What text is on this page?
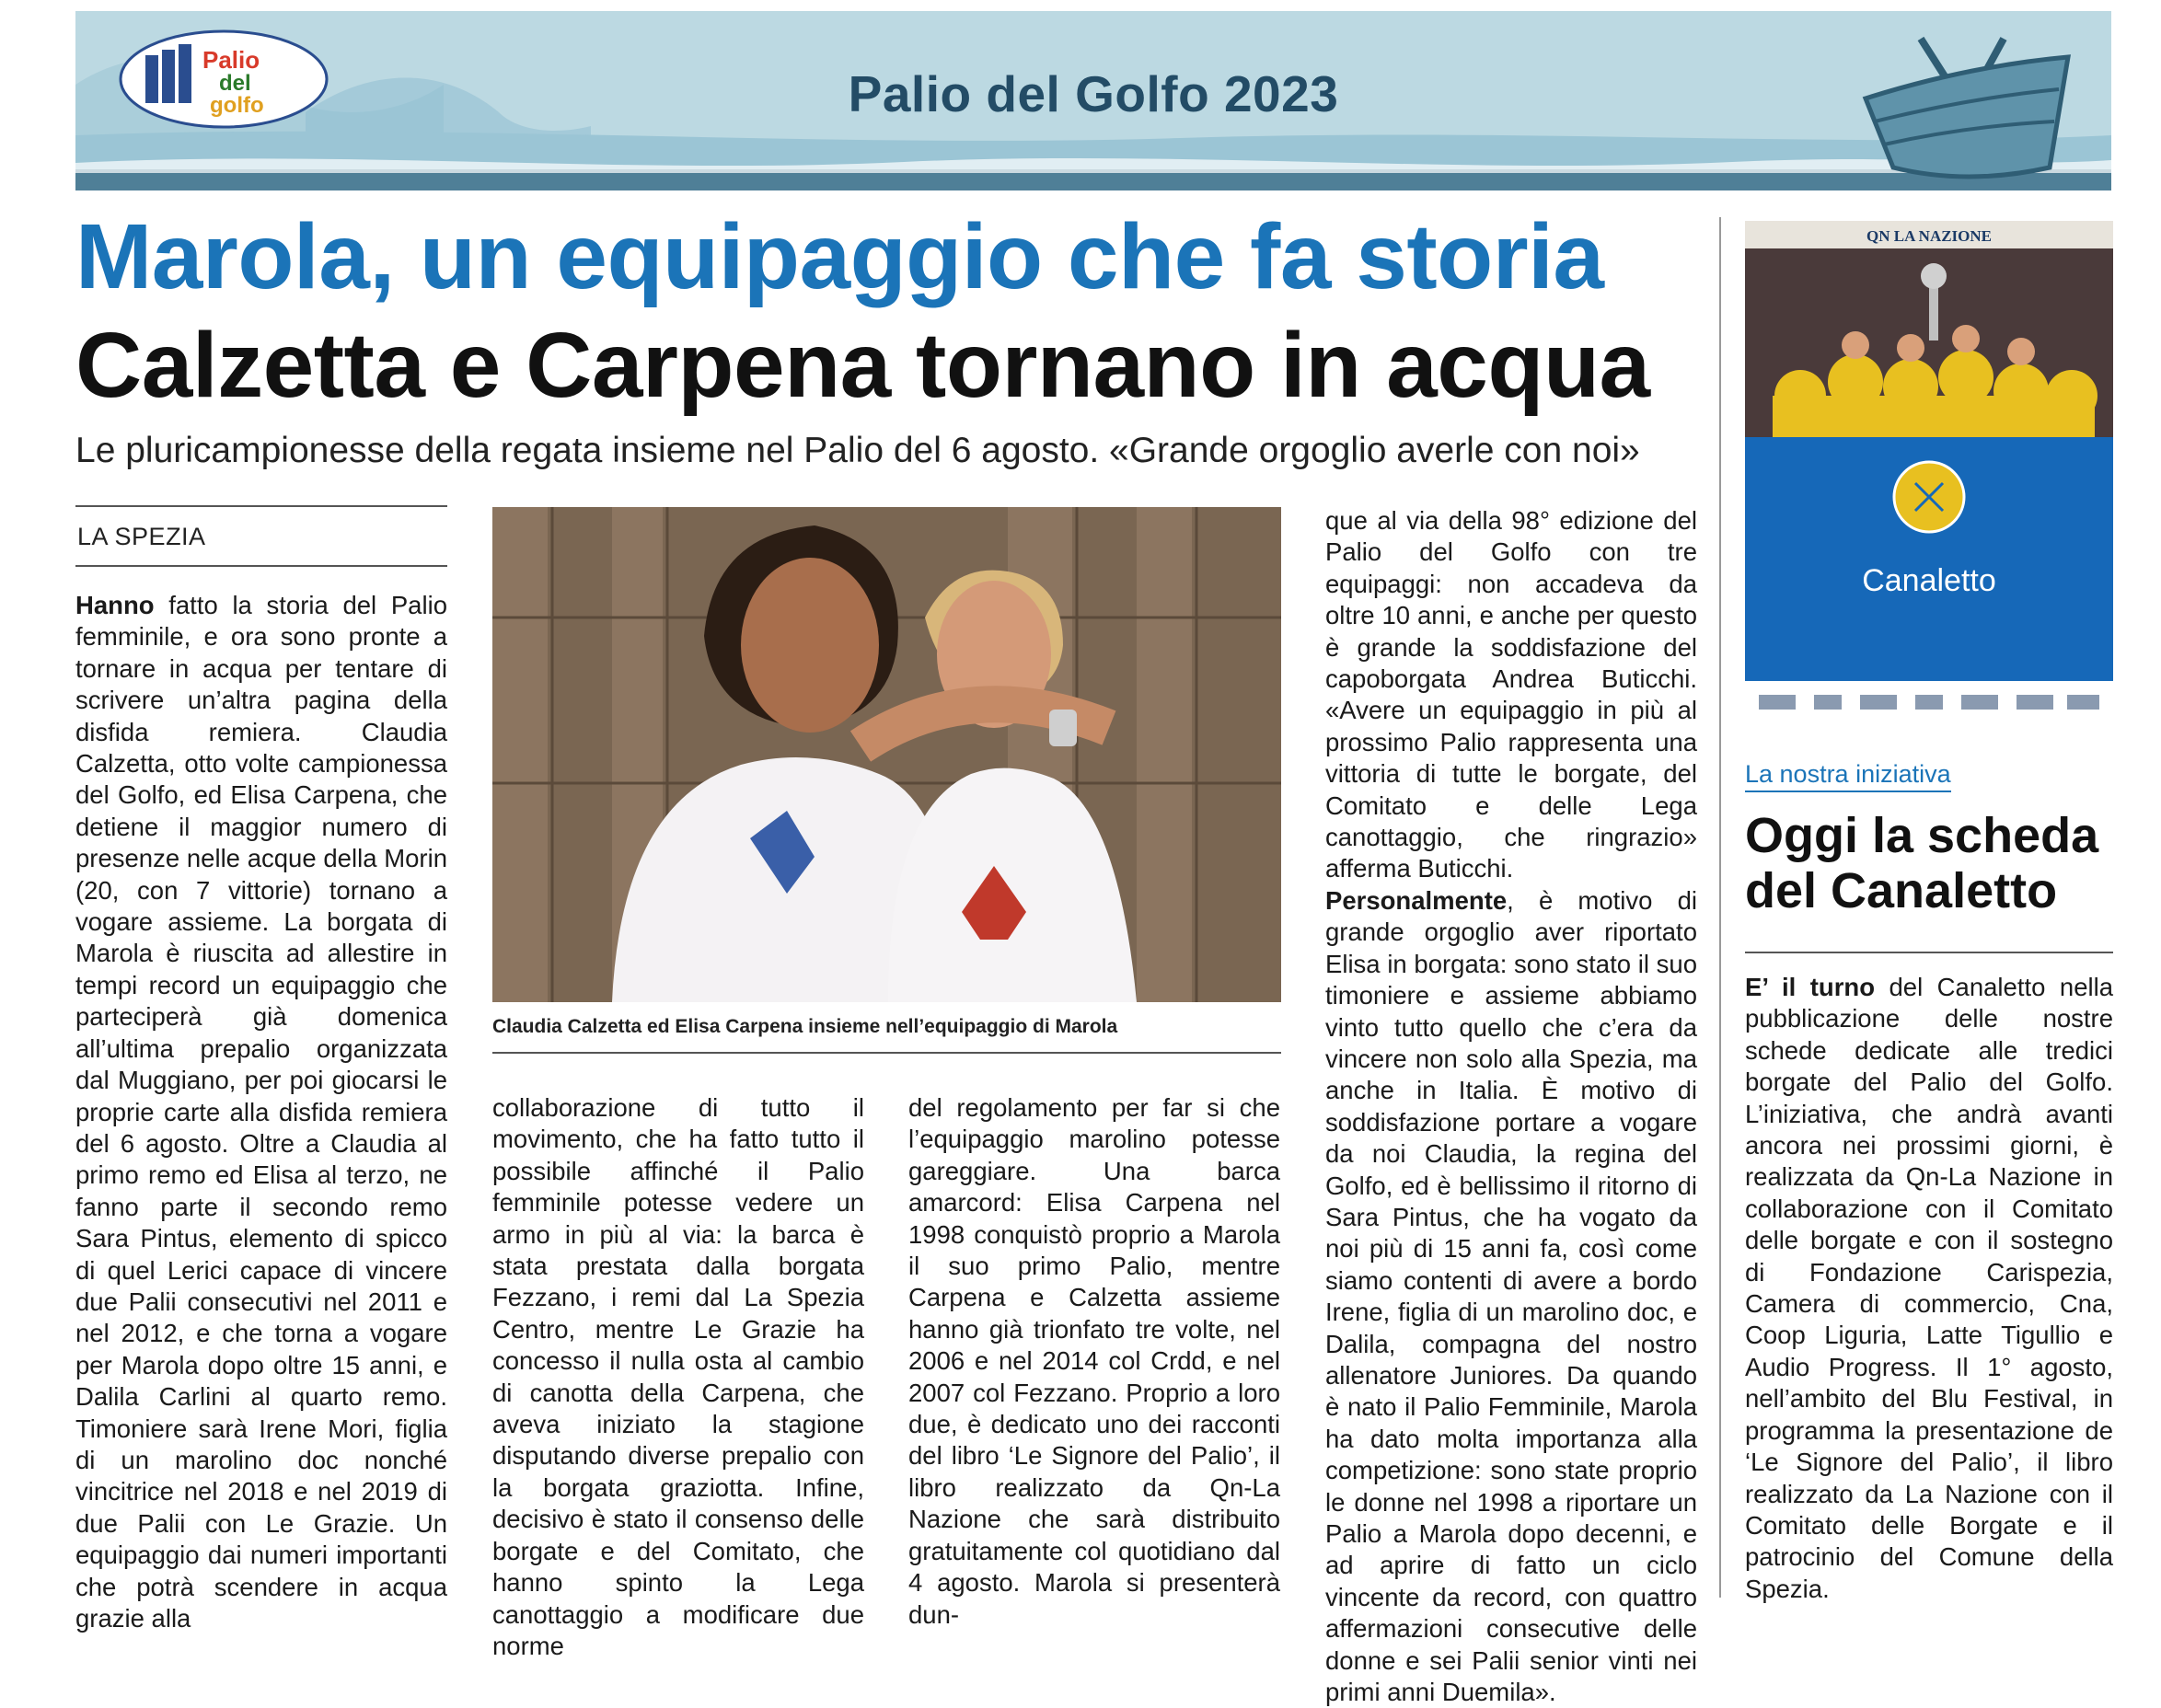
Palio
del
golfo	Palio del Golfo 2023
Marola, un equipaggio che fa storia
Calzetta e Carpena tornano in acqua
Le pluricampionesse della regata insieme nel Palio del 6 agosto. «Grande orgoglio averle con noi»
LA SPEZIA
Hanno fatto la storia del Palio femminile, e ora sono pronte a tornare in acqua per tentare di scrivere un’altra pagina della disfida remiera. Claudia Calzetta, otto volte campionessa del Golfo, ed Elisa Carpena, che detiene il maggior numero di presenze nelle acque della Morin (20, con 7 vittorie) tornano a vogare assieme. La borgata di Marola è riuscita ad allestire in tempi record un equipaggio che parteciperà già domenica all’ultima prepalio organizzata dal Muggiano, per poi giocarsi le proprie carte alla disfida remiera del 6 agosto. Oltre a Claudia al primo remo ed Elisa al terzo, ne fanno parte il secondo remo Sara Pintus, elemento di spicco di quel Lerici capace di vincere due Palii consecutivi nel 2011 e nel 2012, e che torna a vogare per Marola dopo oltre 15 anni, e Dalila Carlini al quarto remo. Timoniere sarà Irene Mori, figlia di un marolino doc nonché vincitrice nel 2018 e nel 2019 di due Palii con Le Grazie. Un equipaggio dai numeri importanti che potrà scendere in acqua grazie alla
Claudia Calzetta ed Elisa Carpena insieme nell’equipaggio di Marola
collaborazione di tutto il movimento, che ha fatto tutto il possibile affinché il Palio femminile potesse vedere un armo in più al via: la barca è stata prestata dalla borgata Fezzano, i remi dal La Spezia Centro, mentre Le Grazie ha concesso il nulla osta al cambio di canotta della Carpena, che aveva iniziato la stagione disputando diverse prepalio con la borgata graziotta. Infine, decisivo è stato il consenso delle borgate e del Comitato, che hanno spinto la Lega canottaggio a modificare due norme
del regolamento per far si che l’equipaggio marolino potesse gareggiare. Una barca amarcord: Elisa Carpena nel 1998 conquistò proprio a Marola il suo primo Palio, mentre Carpena e Calzetta assieme hanno già trionfato tre volte, nel 2006 e nel 2014 col Crdd, e nel 2007 col Fezzano. Proprio a loro due, è dedicato uno dei racconti del libro ‘Le Signore del Palio’, il libro realizzato da Qn-La Nazione che sarà distribuito gratuitamente col quotidiano dal 4 agosto. Marola si presenterà dun-
que al via della 98° edizione del Palio del Golfo con tre equipaggi: non accadeva da oltre 10 anni, e anche per questo è grande la soddisfazione del capoborgata Andrea Buticchi. «Avere un equipaggio in più al prossimo Palio rappresenta una vittoria di tutte le borgate, del Comitato e delle Lega canottaggio, che ringrazio» afferma Buticchi.
Personalmente, è motivo di grande orgoglio aver riportato Elisa in borgata: sono stato il suo timoniere e assieme abbiamo vinto tutto quello che c’era da vincere non solo alla Spezia, ma anche in Italia. È motivo di soddisfazione portare a vogare da noi Claudia, la regina del Golfo, ed è bellissimo il ritorno di Sara Pintus, che ha vogato da noi più di 15 anni fa, così come siamo contenti di avere a bordo Irene, figlia di un marolino doc, e Dalila, compagna del nostro allenatore Juniores. Da quando è nato il Palio Femminile, Marola ha dato molta importanza alla competizione: sono state proprio le donne nel 1998 a riportare un Palio a Marola dopo decenni, e ad aprire di fatto un ciclo vincente da record, con quattro affermazioni consecutive delle donne e sei Palii senior vinti nei primi anni Duemila».
QN LA NAZIONE
Canaletto
La nostra iniziativa
Oggi la scheda del Canaletto
E’ il turno del Canaletto nella pubblicazione delle nostre schede dedicate alle tredici borgate del Palio del Golfo. L’iniziativa, che andrà avanti ancora nei prossimi giorni, è realizzata da Qn-La Nazione in collaborazione con il Comitato delle borgate e con il sostegno di Fondazione Carispezia, Camera di commercio, Cna, Coop Liguria, Latte Tigullio e Audio Progress. Il 1° agosto, nell’ambito del Blu Festival, in programma la presentazione de ‘Le Signore del Palio’, il libro realizzato da La Nazione con il Comitato delle Borgate e il patrocinio del Comune della Spezia.
